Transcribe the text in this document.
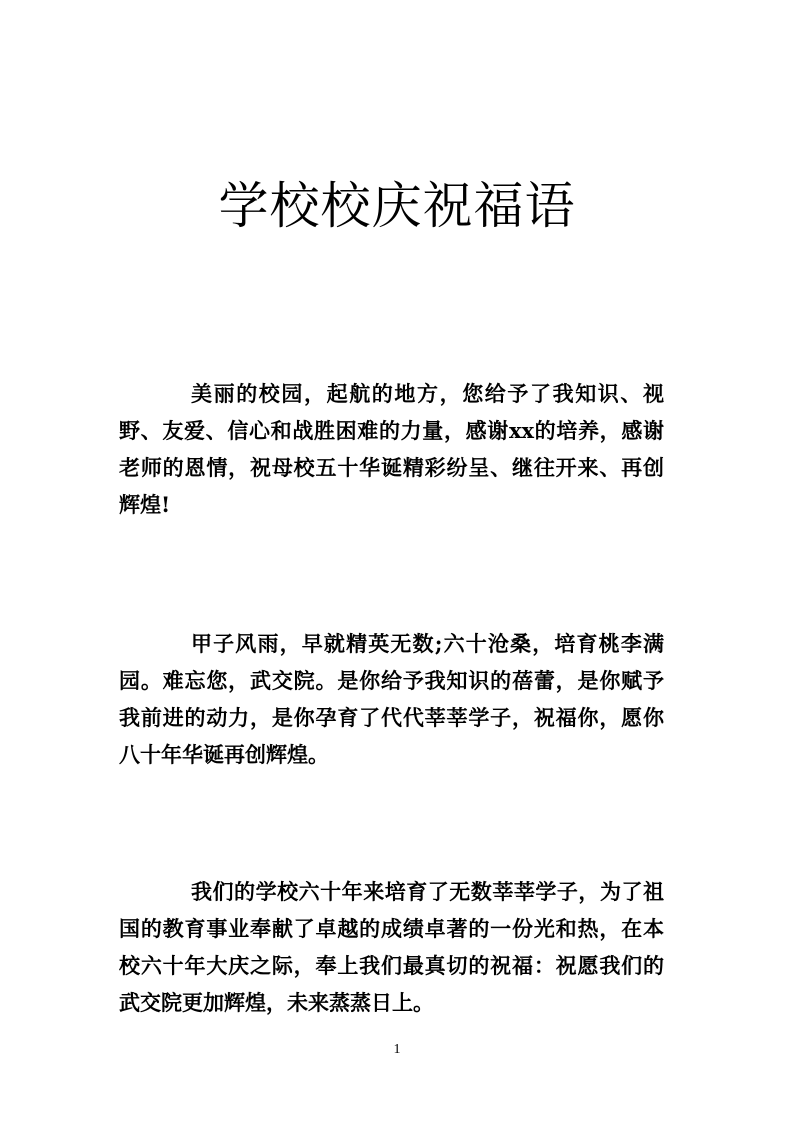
学校校庆祝福语

美丽的校园，起航的地方，您给予了我知识、视野、友爱、信心和战胜困难的力量，感谢xx的培养，感谢老师的恩情，祝母校五十华诞精彩纷呈、继往开来、再创辉煌!

甲子风雨，早就精英无数;六十沧桑，培育桃李满园。难忘您，武交院。是你给予我知识的蓓蕾，是你赋予我前进的动力，是你孕育了代代莘莘学子，祝福你，愿你八十年华诞再创辉煌。

我们的学校六十年来培育了无数莘莘学子，为了祖国的教育事业奉献了卓越的成绩卓著的一份光和热，在本校六十年大庆之际，奉上我们最真切的祝福：祝愿我们的武交院更加辉煌，未来蒸蒸日上。

1
